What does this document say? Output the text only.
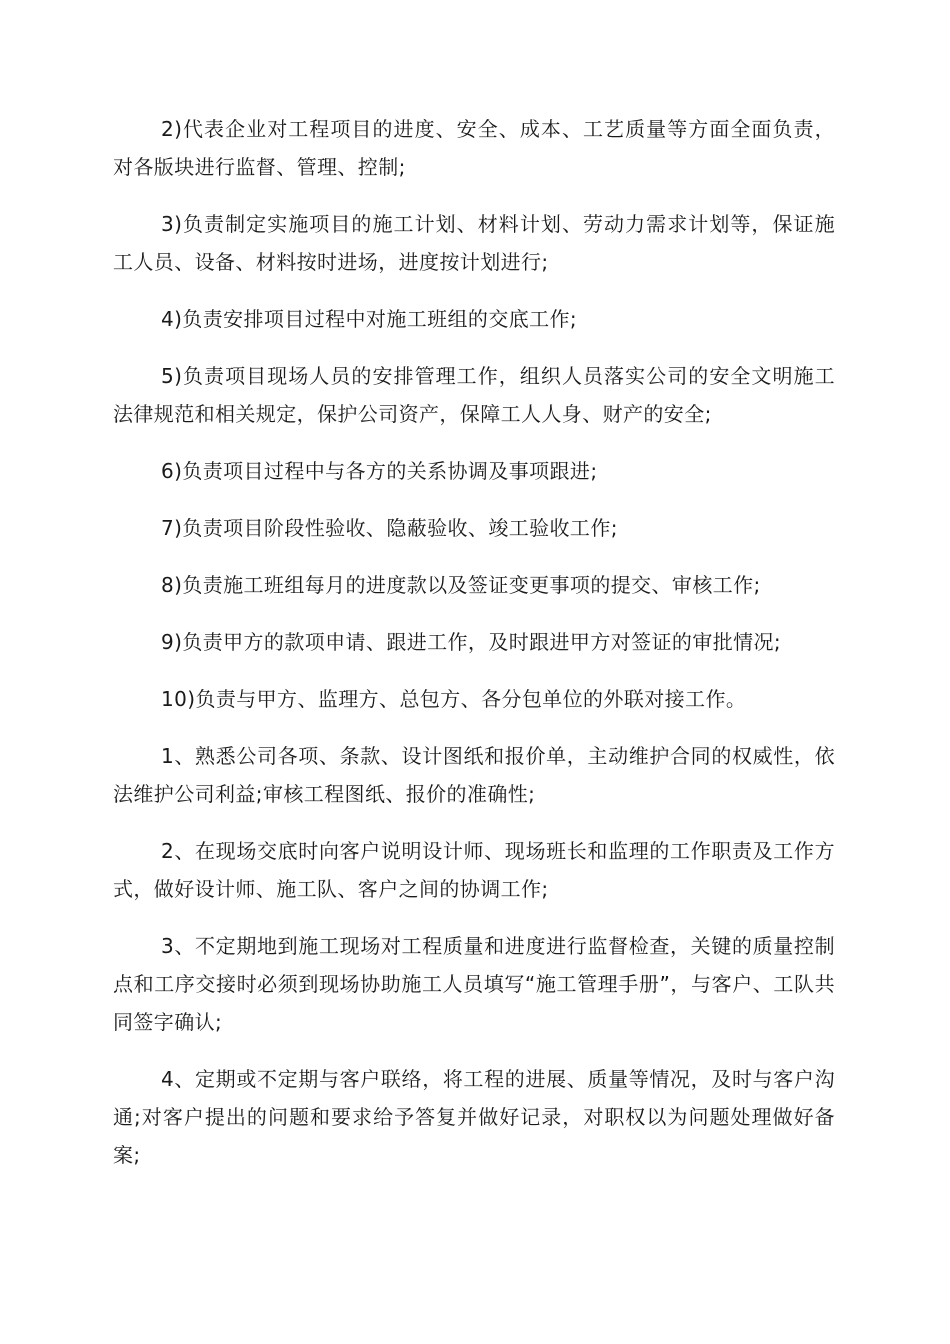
2)代表企业对工程项目的进度、安全、成本、工艺质量等方面全面负责，对各版块进行监督、管理、控制;

3)负责制定实施项目的施工计划、材料计划、劳动力需求计划等，保证施工人员、设备、材料按时进场，进度按计划进行;

4)负责安排项目过程中对施工班组的交底工作;

5)负责项目现场人员的安排管理工作，组织人员落实公司的安全文明施工法律规范和相关规定，保护公司资产，保障工人人身、财产的安全;

6)负责项目过程中与各方的关系协调及事项跟进;

7)负责项目阶段性验收、隐蔽验收、竣工验收工作;

8)负责施工班组每月的进度款以及签证变更事项的提交、审核工作;

9)负责甲方的款项申请、跟进工作，及时跟进甲方对签证的审批情况;

10)负责与甲方、监理方、总包方、各分包单位的外联对接工作。

1、熟悉公司各项、条款、设计图纸和报价单，主动维护合同的权威性，依法维护公司利益;审核工程图纸、报价的准确性;

2、在现场交底时向客户说明设计师、现场班长和监理的工作职责及工作方式，做好设计师、施工队、客户之间的协调工作;

3、不定期地到施工现场对工程质量和进度进行监督检查，关键的质量控制点和工序交接时必须到现场协助施工人员填写“施工管理手册”，与客户、工队共同签字确认;

4、定期或不定期与客户联络，将工程的进展、质量等情况，及时与客户沟通;对客户提出的问题和要求给予答复并做好记录，对职权以为问题处理做好备案;
